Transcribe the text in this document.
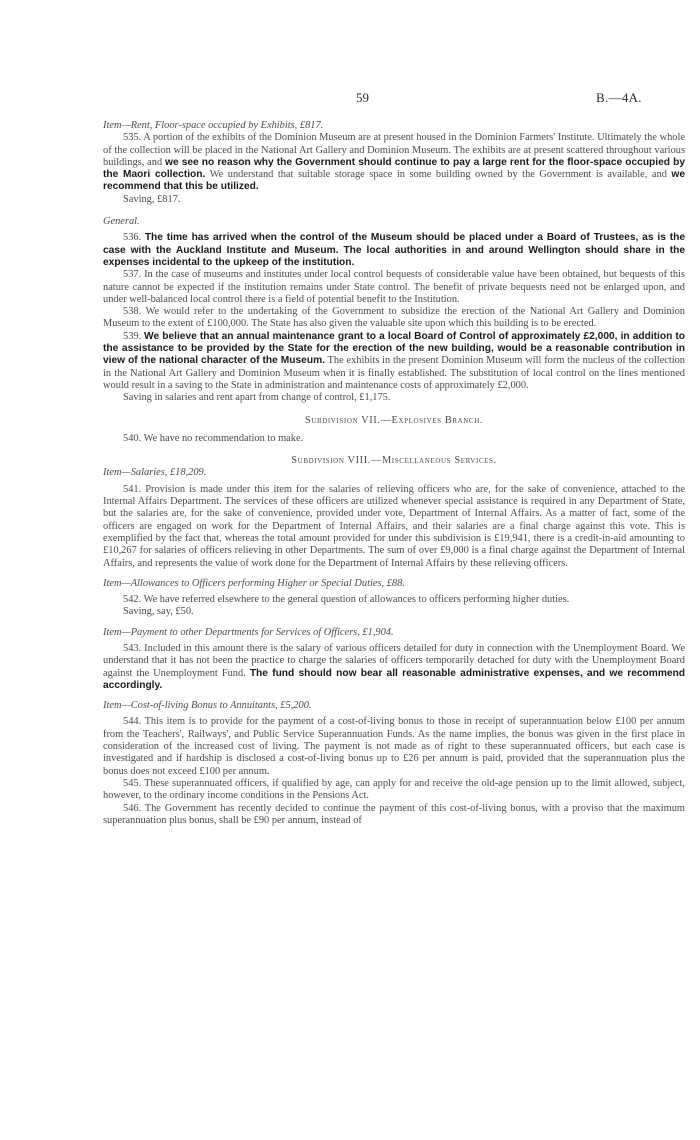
59	B.—4A.

Item—Rent, Floor-space occupied by Exhibits, £817.

535. A portion of the exhibits of the Dominion Museum are at present housed in the Dominion Farmers' Institute. Ultimately the whole of the collection will be placed in the National Art Gallery and Dominion Museum. The exhibits are at present scattered throughout various buildings, and we see no reason why the Government should continue to pay a large rent for the floor-space occupied by the Maori collection. We understand that suitable storage space in some building owned by the Government is available, and we recommend that this be utilized.

Saving, £817.

General.

536. The time has arrived when the control of the Museum should be placed under a Board of Trustees, as is the case with the Auckland Institute and Museum. The local authorities in and around Wellington should share in the expenses incidental to the upkeep of the institution.

537. In the case of museums and institutes under local control bequests of considerable value have been obtained, but bequests of this nature cannot be expected if the institution remains under State control. The benefit of private bequests need not be enlarged upon, and under well-balanced local control there is a field of potential benefit to the Institution.

538. We would refer to the undertaking of the Government to subsidize the erection of the National Art Gallery and Dominion Museum to the extent of £100,000. The State has also given the valuable site upon which this building is to be erected.

539. We believe that an annual maintenance grant to a local Board of Control of approximately £2,000, in addition to the assistance to be provided by the State for the erection of the new building, would be a reasonable contribution in view of the national character of the Museum. The exhibits in the present Dominion Museum will form the nucleus of the collection in the National Art Gallery and Dominion Museum when it is finally established. The substitution of local control on the lines mentioned would result in a saving to the State in administration and maintenance costs of approximately £2,000.

Saving in salaries and rent apart from change of control, £1,175.

Subdivision VII.—Explosives Branch.

540. We have no recommendation to make.

Subdivision VIII.—Miscellaneous Services.

Item—Salaries, £18,209.

541. Provision is made under this item for the salaries of relieving officers who are, for the sake of convenience, attached to the Internal Affairs Department. The services of these officers are utilized whenever special assistance is required in any Department of State, but the salaries are, for the sake of convenience, provided under vote, Department of Internal Affairs. As a matter of fact, some of the officers are engaged on work for the Department of Internal Affairs, and their salaries are a final charge against this vote. This is exemplified by the fact that, whereas the total amount provided for under this subdivision is £19,941, there is a credit-in-aid amounting to £10,267 for salaries of officers relieving in other Departments. The sum of over £9,000 is a final charge against the Department of Internal Affairs, and represents the value of work done for the Department of Internal Affairs by these relieving officers.

Item—Allowances to Officers performing Higher or Special Duties, £88.

542. We have referred elsewhere to the general question of allowances to officers performing higher duties.

Saving, say, £50.

Item—Payment to other Departments for Services of Officers, £1,904.

543. Included in this amount there is the salary of various officers detailed for duty in connection with the Unemployment Board. We understand that it has not been the practice to charge the salaries of officers temporarily detached for duty with the Unemployment Board against the Unemployment Fund. The fund should now bear all reasonable administrative expenses, and we recommend accordingly.

Item—Cost-of-living Bonus to Annuitants, £5,200.

544. This item is to provide for the payment of a cost-of-living bonus to those in receipt of superannuation below £100 per annum from the Teachers', Railways', and Public Service Superannuation Funds. As the name implies, the bonus was given in the first place in consideration of the increased cost of living. The payment is not made as of right to these superannuated officers, but each case is investigated and if hardship is disclosed a cost-of-living bonus up to £26 per annum is paid, provided that the superannuation plus the bonus does not exceed £100 per annum.

545. These superannuated officers, if qualified by age, can apply for and receive the old-age pension up to the limit allowed, subject, however, to the ordinary income conditions in the Pensions Act.

546. The Government has recently decided to continue the payment of this cost-of-living bonus, with a proviso that the maximum superannuation plus bonus, shall be £90 per annum, instead of
